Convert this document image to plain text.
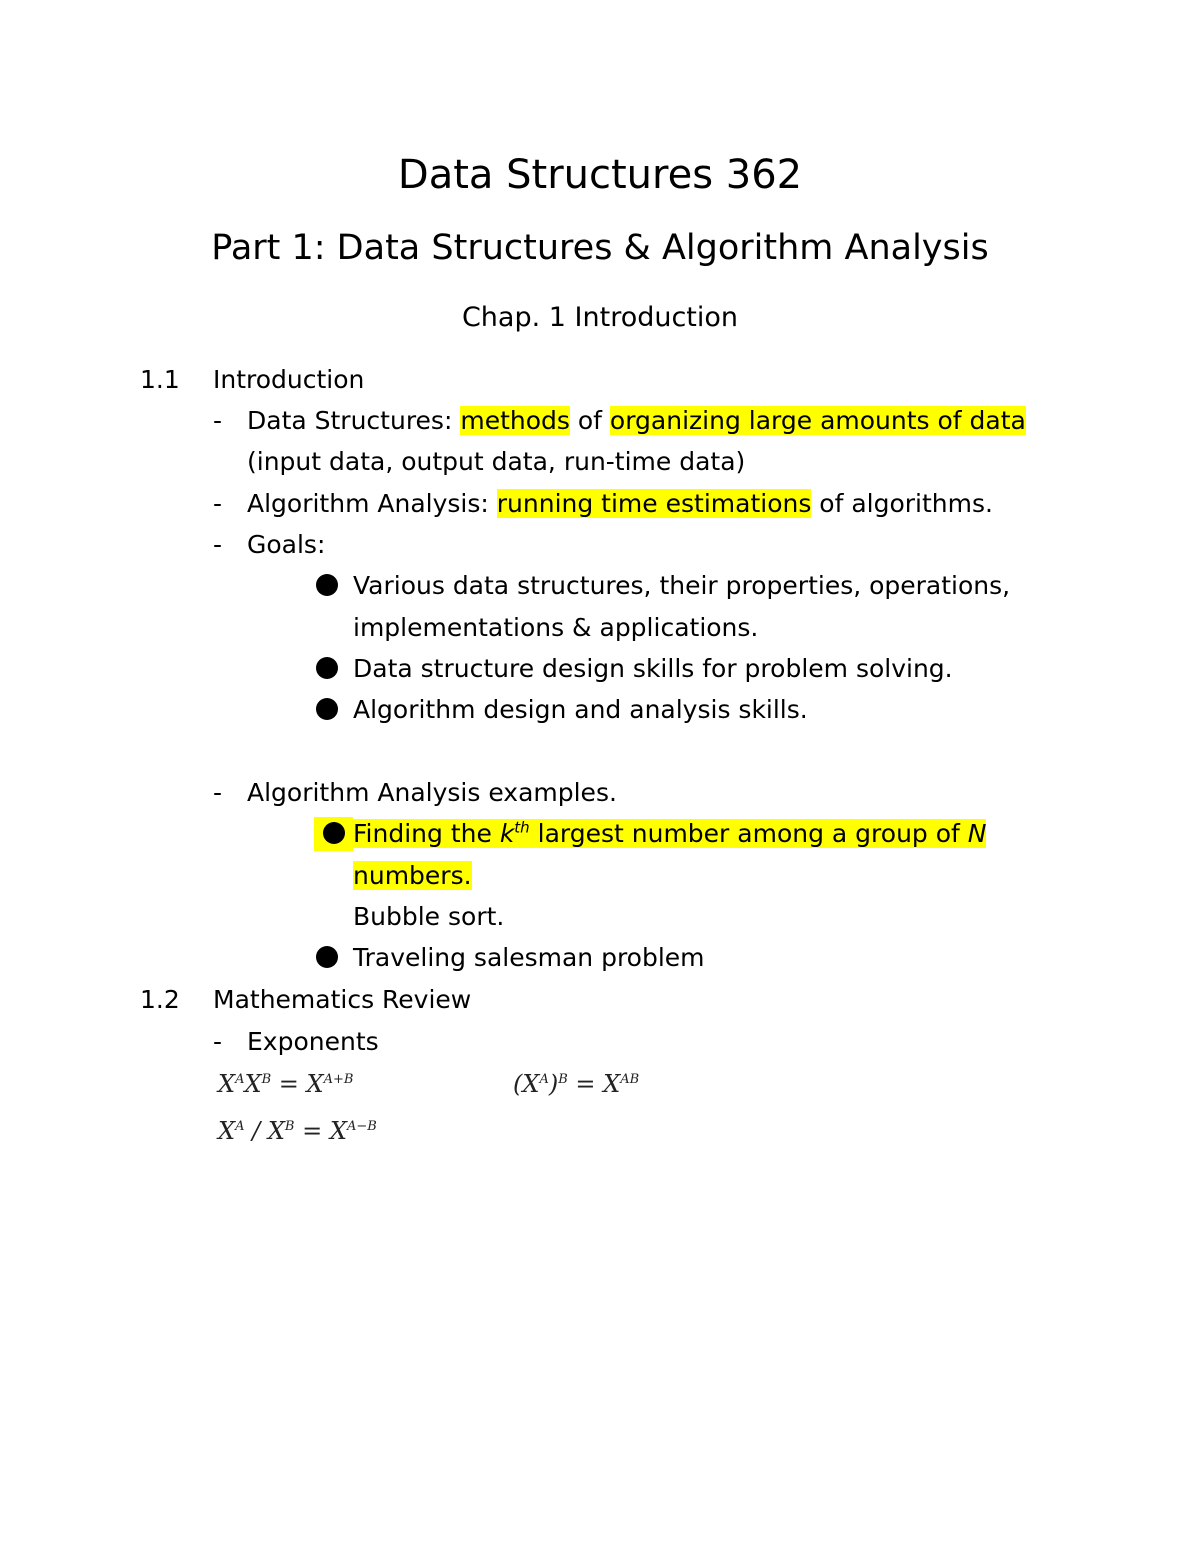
Data Structures 362
Part 1: Data Structures & Algorithm Analysis
Chap. 1 Introduction
1.1 Introduction
- Data Structures: methods of organizing large amounts of data
(input data, output data, run-time data)
- Algorithm Analysis: running time estimations of algorithms.
- Goals:
Various data structures, their properties, operations,
implementations & applications.
Data structure design skills for problem solving.
Algorithm design and analysis skills.
- Algorithm Analysis examples.
Finding the $k^{th}$ largest number among a group of N
numbers.
Bubble sort.
Traveling salesman problem
1.2 Mathematics Review
- Exponents
$X^AX^B = X^{A+B}$	$(X^A)^B = X^{AB}$
$X^A / X^B = X^{A-B}$
